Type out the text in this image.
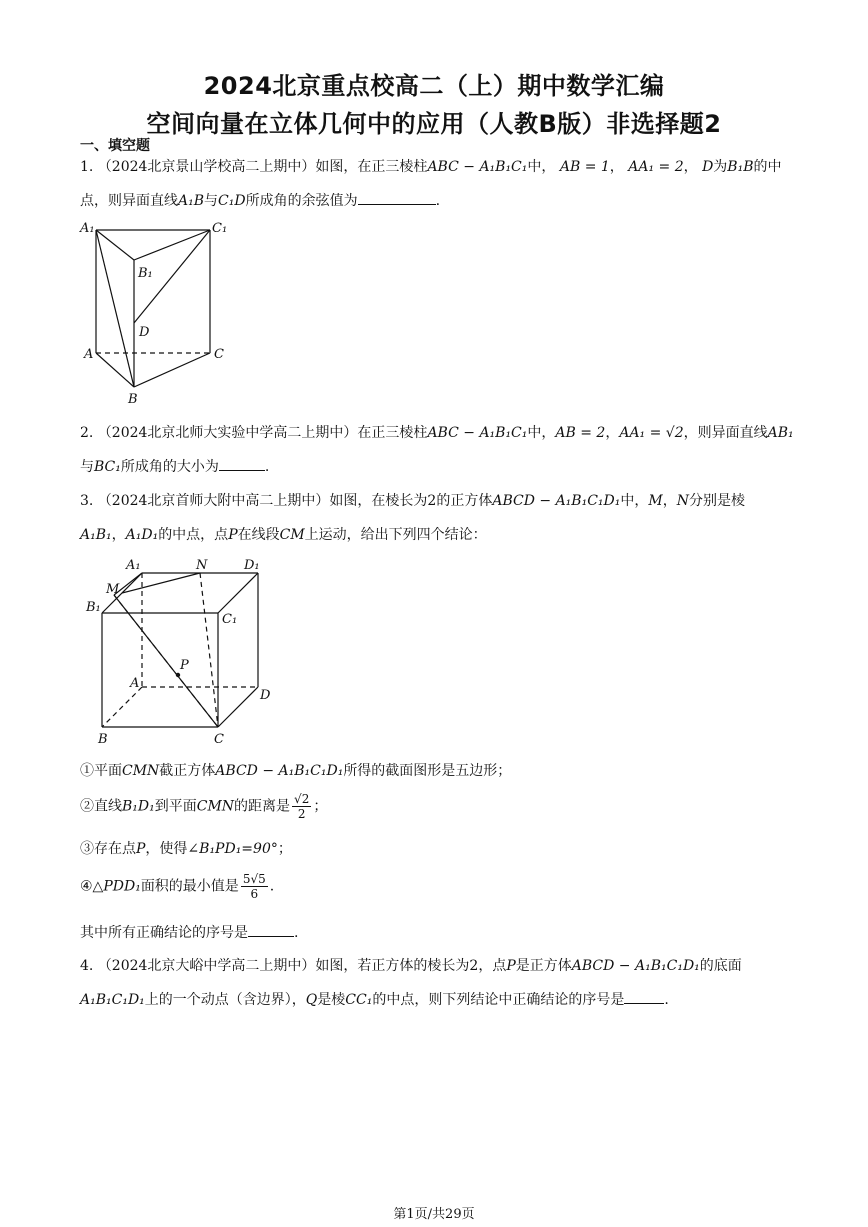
2024北京重点校高二（上）期中数学汇编
空间向量在立体几何中的应用（人教B版）非选择题2
一、填空题
1. （2024北京景山学校高二上期中）如图，在正三棱柱ABC − A₁B₁C₁中， AB = 1， AA₁ = 2， D为B₁B的中
点，则异面直线A₁B与C₁D所成角的余弦值为	.
A₁	C₁
B₁
D
A	C
B
2. （2024北京北师大实验中学高二上期中）在正三棱柱ABC − A₁B₁C₁中，AB = 2，AA₁ = √2，则异面直线AB₁
与BC₁所成角的大小为	.
3. （2024北京首师大附中高二上期中）如图，在棱长为2的正方体ABCD − A₁B₁C₁D₁中，M，N分别是棱
A₁B₁，A₁D₁的中点，点P在线段CM上运动，给出下列四个结论：
A₁	N	D₁
M
B₁
C₁
P
A
D
B	C
①平面CMN截正方体ABCD − A₁B₁C₁D₁所得的截面图形是五边形；
②直线B₁D₁到平面CMN的距离是 $\frac{√2}{2}$ ；
③存在点P，使得∠B₁PD₁=90°；
④△PDD₁面积的最小值是 $\frac{5√5}{6}$ .
其中所有正确结论的序号是	.
4. （2024北京大峪中学高二上期中）如图，若正方体的棱长为2，点P是正方体ABCD − A₁B₁C₁D₁的底面
A₁B₁C₁D₁上的一个动点（含边界），Q是棱CC₁的中点，则下列结论中正确结论的序号是	.
第1页/共29页
